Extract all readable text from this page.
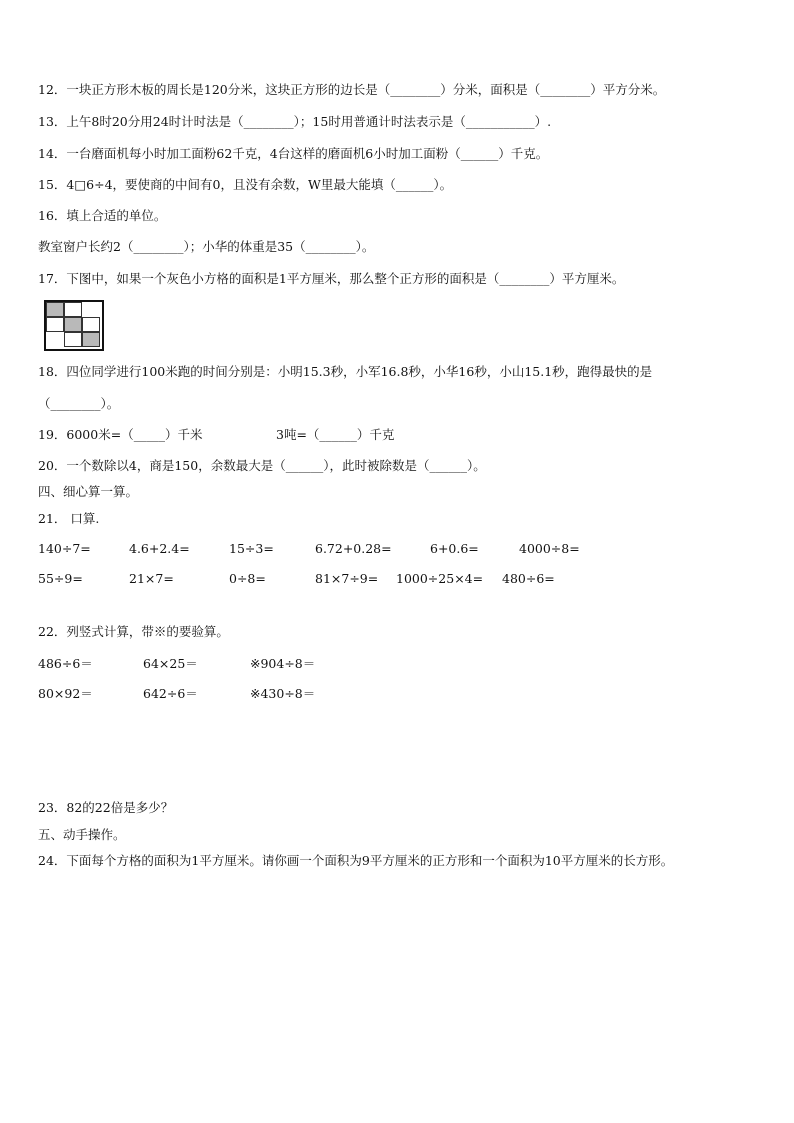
12．一块正方形木板的周长是120分米，这块正方形的边长是（________）分米，面积是（________）平方分米。
13．上午8时20分用24时计时法是（________）；15时用普通计时法表示是（___________）.
14．一台磨面机每小时加工面粉62千克，4台这样的磨面机6小时加工面粉（______）千克。
15．4□6÷4，要使商的中间有0，且没有余数，W里最大能填（______）。
16．填上合适的单位。
教室窗户长约2（________）；小华的体重是35（________）。
17．下图中，如果一个灰色小方格的面积是1平方厘米，那么整个正方形的面积是（________）平方厘米。
18．四位同学进行100米跑的时间分别是：小明15.3秒，小军16.8秒，小华16秒，小山15.1秒，跑得最快的是
（________）。
19．6000米=（_____）千米	3吨=（______）千克
20．一个数除以4，商是150，余数最大是（______），此时被除数是（______）。
四、细心算一算。
21． 口算.
140÷7=	4.6+2.4=	15÷3=	6.72+0.28=	6+0.6=	4000÷8=
55÷9=	21×7=	0÷8=	81×7÷9= 1000÷25×4= 480÷6=
22．列竖式计算，带※的要验算。
486÷6＝	64×25＝	※904÷8＝
80×92＝	642÷6＝	※430÷8＝
23．82的22倍是多少？
五、动手操作。
24．下面每个方格的面积为1平方厘米。请你画一个面积为9平方厘米的正方形和一个面积为10平方厘米的长方形。
